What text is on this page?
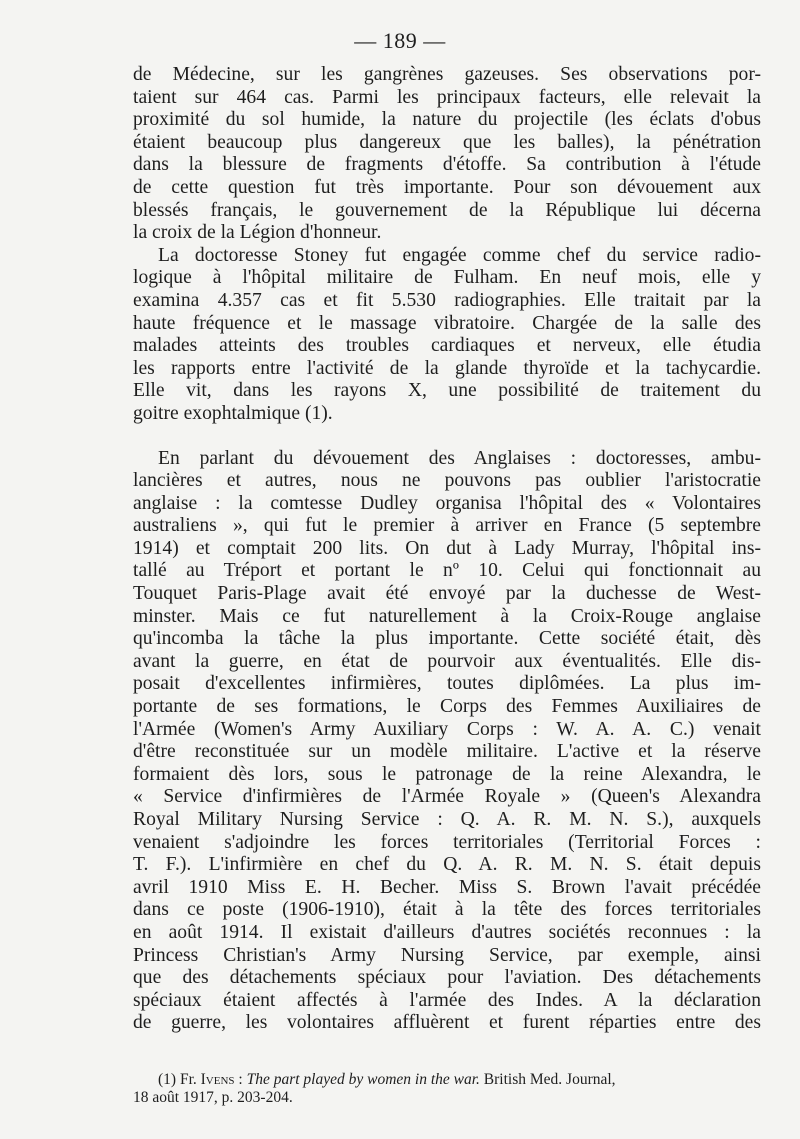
— 189 —

de Médecine, sur les gangrènes gazeuses. Ses observations por-
taient sur 464 cas. Parmi les principaux facteurs, elle relevait la
proximité du sol humide, la nature du projectile (les éclats d'obus
étaient beaucoup plus dangereux que les balles), la pénétration
dans la blessure de fragments d'étoffe. Sa contribution à l'étude
de cette question fut très importante. Pour son dévouement aux
blessés français, le gouvernement de la République lui décerna
la croix de la Légion d'honneur.

La doctoresse Stoney fut engagée comme chef du service radio-
logique à l'hôpital militaire de Fulham. En neuf mois, elle y
examina 4.357 cas et fit 5.530 radiographies. Elle traitait par la
haute fréquence et le massage vibratoire. Chargée de la salle des
malades atteints des troubles cardiaques et nerveux, elle étudia
les rapports entre l'activité de la glande thyroïde et la tachycardie.
Elle vit, dans les rayons X, une possibilité de traitement du
goitre exophtalmique (1).

En parlant du dévouement des Anglaises : doctoresses, ambu-
lancières et autres, nous ne pouvons pas oublier l'aristocratie
anglaise : la comtesse Dudley organisa l'hôpital des « Volontaires
australiens », qui fut le premier à arriver en France (5 septembre
1914) et comptait 200 lits. On dut à Lady Murray, l'hôpital ins-
tallé au Tréport et portant le nº 10. Celui qui fonctionnait au
Touquet Paris-Plage avait été envoyé par la duchesse de West-
minster. Mais ce fut naturellement à la Croix-Rouge anglaise
qu'incomba la tâche la plus importante. Cette société était, dès
avant la guerre, en état de pourvoir aux éventualités. Elle dis-
posait d'excellentes infirmières, toutes diplômées. La plus im-
portante de ses formations, le Corps des Femmes Auxiliaires de
l'Armée (Women's Army Auxiliary Corps : W. A. A. C.) venait
d'être reconstituée sur un modèle militaire. L'active et la réserve
formaient dès lors, sous le patronage de la reine Alexandra, le
« Service d'infirmières de l'Armée Royale » (Queen's Alexandra
Royal Military Nursing Service : Q. A. R. M. N. S.), auxquels
venaient s'adjoindre les forces territoriales (Territorial Forces :
T. F.). L'infirmière en chef du Q. A. R. M. N. S. était depuis
avril 1910 Miss E. H. Becher. Miss S. Brown l'avait précédée
dans ce poste (1906-1910), était à la tête des forces territoriales
en août 1914. Il existait d'ailleurs d'autres sociétés reconnues : la
Princess Christian's Army Nursing Service, par exemple, ainsi
que des détachements spéciaux pour l'aviation. Des détachements
spéciaux étaient affectés à l'armée des Indes. A la déclaration
de guerre, les volontaires affluèrent et furent réparties entre des

(1) Fr. Ivens : The part played by women in the war. British Med. Journal,
18 août 1917, p. 203-204.
